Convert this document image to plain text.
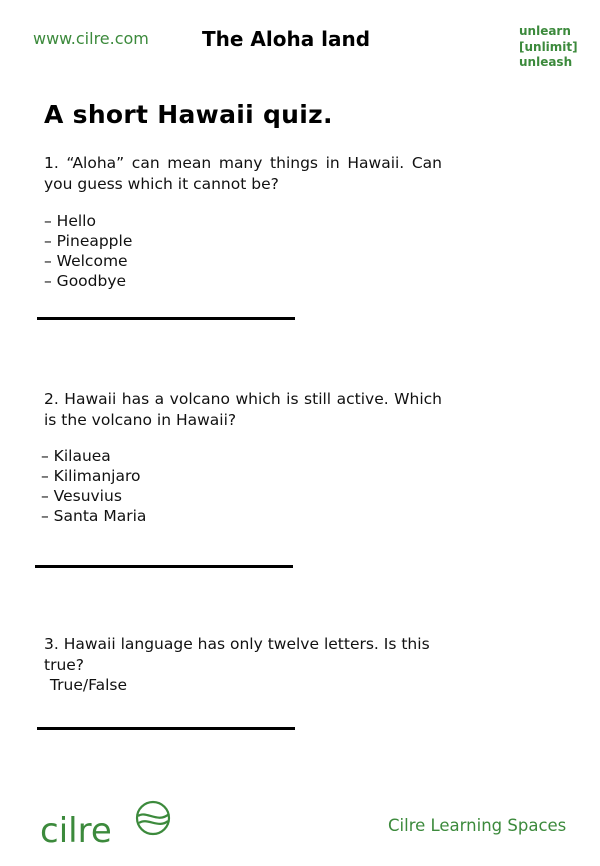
www.cilre.com	The Aloha land	unlearn
[unlimit]
unleash
A short Hawaii quiz.

1. “Aloha” can mean many things in Hawaii. Can you guess which it cannot be?

– Hello
– Pineapple
– Welcome
– Goodbye

2. Hawaii has a volcano which is still active. Which is the volcano in Hawaii?

– Kilauea
– Kilimanjaro
– Vesuvius
– Santa Maria

3. Hawaii language has only twelve letters. Is this true?

True/False
cilre	Cilre Learning Spaces
